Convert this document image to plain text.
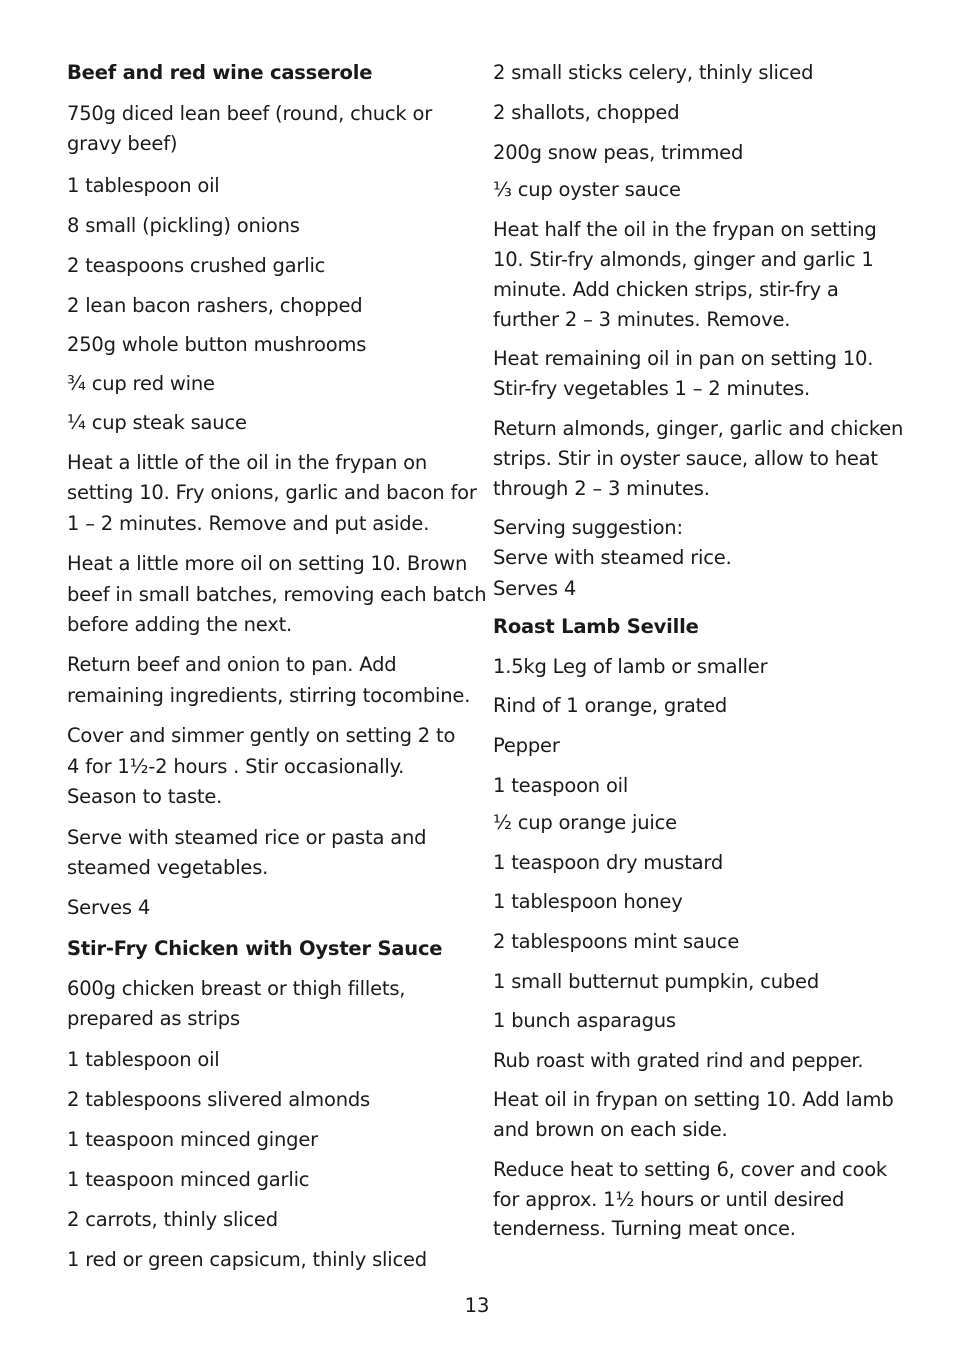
Beef and red wine casserole
750g diced lean beef (round, chuck or
gravy beef)
1 tablespoon oil
8 small (pickling) onions
2 teaspoons crushed garlic
2 lean bacon rashers, chopped
250g whole button mushrooms
¾ cup red wine
¼ cup steak sauce
Heat a little of the oil in the frypan on
setting 10. Fry onions, garlic and bacon for
1 – 2 minutes. Remove and put aside.
Heat a little more oil on setting 10. Brown
beef in small batches, removing each batch
before adding the next.
Return beef and onion to pan. Add
remaining ingredients, stirring tocombine.
Cover and simmer gently on setting 2 to
4 for 1½-2 hours . Stir occasionally.
Season to taste.
Serve with steamed rice or pasta and
steamed vegetables.
Serves 4
Stir-Fry Chicken with Oyster Sauce
600g chicken breast or thigh fillets,
prepared as strips
1 tablespoon oil
2 tablespoons slivered almonds
1 teaspoon minced ginger
1 teaspoon minced garlic
2 carrots, thinly sliced
1 red or green capsicum, thinly sliced
2 small sticks celery, thinly sliced
2 shallots, chopped
200g snow peas, trimmed
⅓ cup oyster sauce
Heat half the oil in the frypan on setting
10. Stir-fry almonds, ginger and garlic 1
minute. Add chicken strips, stir-fry a
further 2 – 3 minutes. Remove.
Heat remaining oil in pan on setting 10.
Stir-fry vegetables 1 – 2 minutes.
Return almonds, ginger, garlic and chicken
strips. Stir in oyster sauce, allow to heat
through 2 – 3 minutes.
Serving suggestion:
Serve with steamed rice.
Serves 4
Roast Lamb Seville
1.5kg Leg of lamb or smaller
Rind of 1 orange, grated
Pepper
1 teaspoon oil
½ cup orange juice
1 teaspoon dry mustard
1 tablespoon honey
2 tablespoons mint sauce
1 small butternut pumpkin, cubed
1 bunch asparagus
Rub roast with grated rind and pepper.
Heat oil in frypan on setting 10. Add lamb
and brown on each side.
Reduce heat to setting 6, cover and cook
for approx. 1½ hours or until desired
tenderness. Turning meat once.
13
